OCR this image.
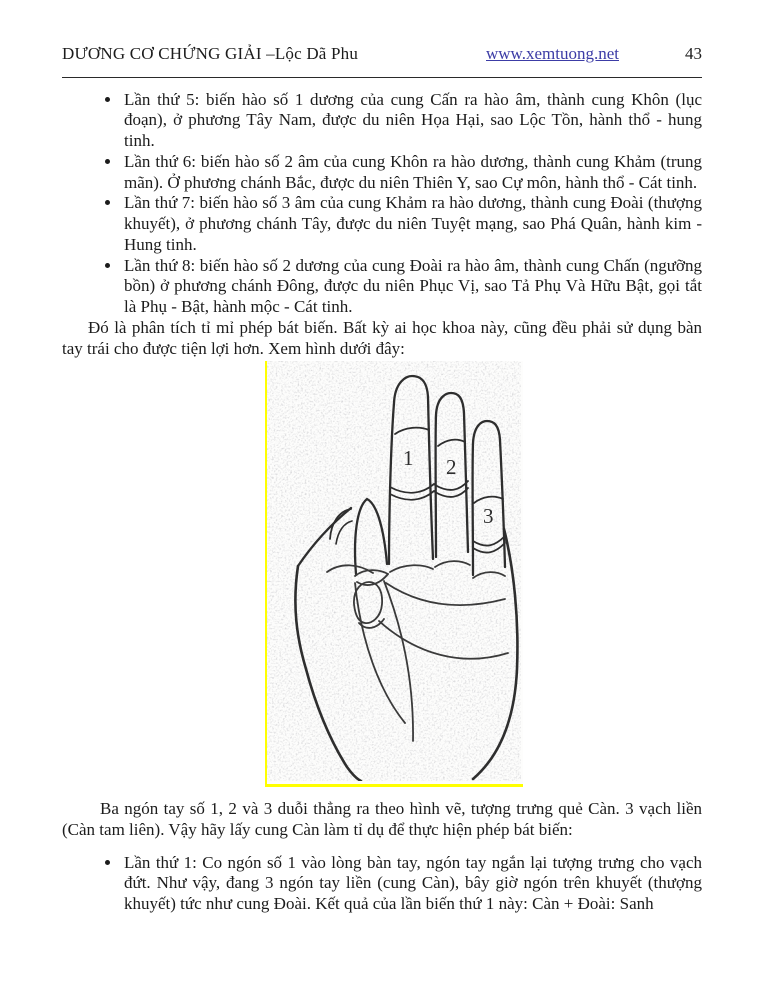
DƯƠNG CƠ CHỨNG GIẢI –Lộc Dã Phu	www.xemtuong.net	43
• Lần thứ 5: biến hào số 1 dương của cung Cấn ra hào âm, thành cung Khôn (lục đoạn), ở phương Tây Nam, được du niên Họa Hại, sao Lộc Tồn, hành thổ - hung tinh.
• Lần thứ 6: biến hào số 2 âm của cung Khôn ra hào dương, thành cung Khảm (trung mãn). Ở phương chánh Bắc, được du niên Thiên Y, sao Cự môn, hành thổ - Cát tinh.
• Lần thứ 7: biến hào số 3 âm của cung Khảm ra hào dương, thành cung Đoài (thượng khuyết), ở phương chánh Tây, được du niên Tuyệt mạng, sao Phá Quân, hành kim - Hung tinh.
• Lần thứ 8: biến hào số 2 dương của cung Đoài ra hào âm, thành cung Chấn (ngưỡng bồn) ở phương chánh Đông, được du niên Phục Vị, sao Tả Phụ Và Hữu Bật, gọi tắt là Phụ - Bật, hành mộc - Cát tinh.

Đó là phân tích tỉ mỉ phép bát biến. Bất kỳ ai học khoa này, cũng đều phải sử dụng bàn tay trái cho được tiện lợi hơn. Xem hình dưới đây:

1 2
3

Ba ngón tay số 1, 2 và 3 duỗi thẳng ra theo hình vẽ, tượng trưng quẻ Càn. 3 vạch liền (Càn tam liên). Vậy hãy lấy cung Càn làm tỉ dụ để thực hiện phép bát biến:

• Lần thứ 1: Co ngón số 1 vào lòng bàn tay, ngón tay ngắn lại tượng trưng cho vạch đứt. Như vậy, đang 3 ngón tay liền (cung Càn), bây giờ ngón trên khuyết (thượng khuyết) tức như cung Đoài. Kết quả của lần biến thứ 1 này: Càn + Đoài: Sanh
